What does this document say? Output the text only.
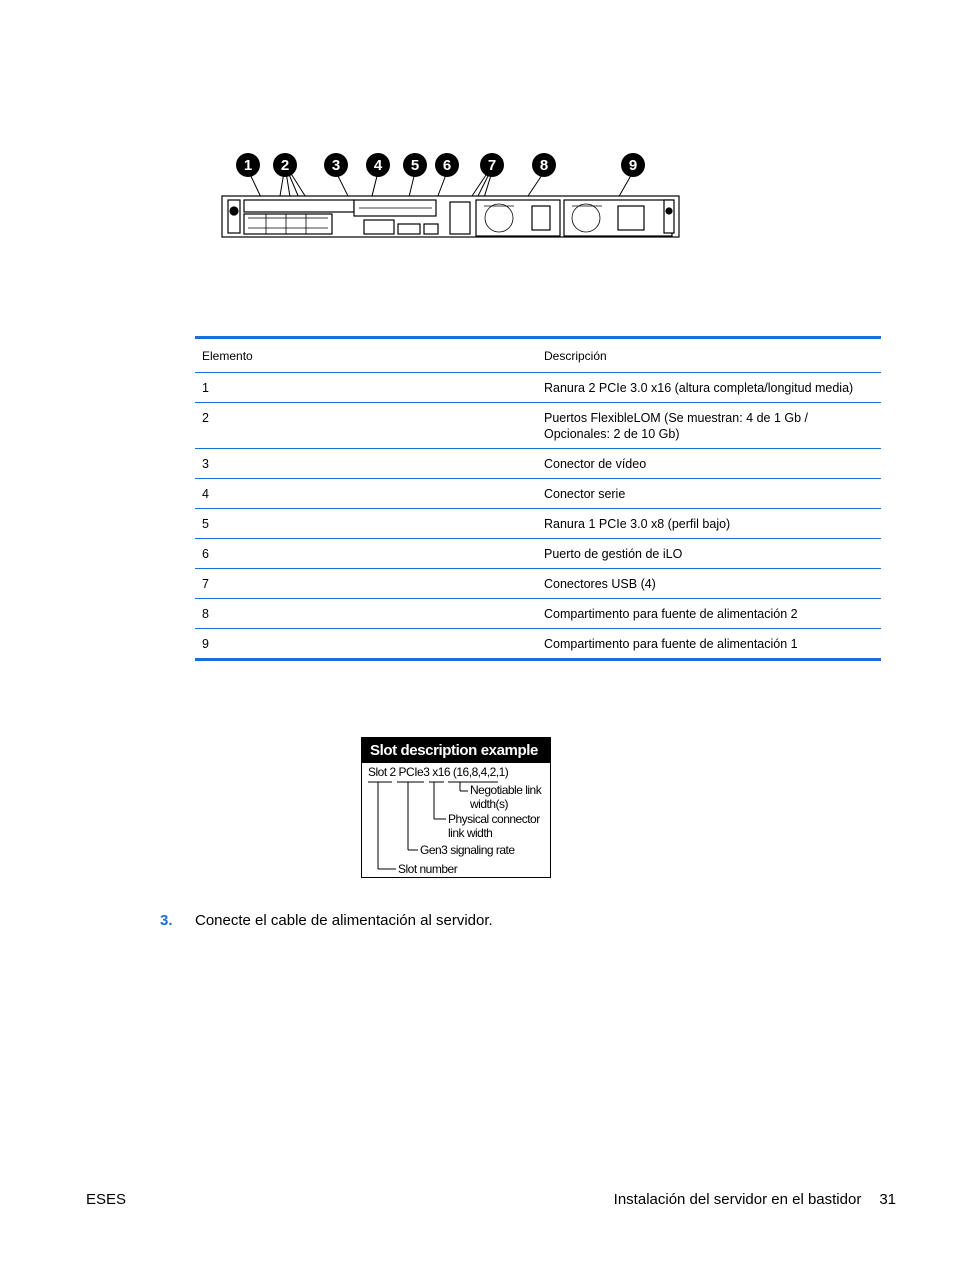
1 2	3 4 5 6 7	8	9
Elemento	Descripción
1	Ranura 2 PCIe 3.0 x16 (altura completa/longitud media)
2	Puertos FlexibleLOM (Se muestran: 4 de 1 Gb / Opcionales: 2 de 10 Gb)
3	Conector de vídeo
4	Conector serie
5	Ranura 1 PCIe 3.0 x8 (perfil bajo)
6	Puerto de gestión de iLO
7	Conectores USB (4)
8	Compartimento para fuente de alimentación 2
9	Compartimento para fuente de alimentación 1
Slot description example
Slot 2 PCIe3 x16 (16,8,4,2,1)
Negotiable link
width(s)
Physical connector
link width
Gen3 signaling rate
Slot number
3. Conecte el cable de alimentación al servidor.
ESES	Instalación del servidor en el bastidor 31
